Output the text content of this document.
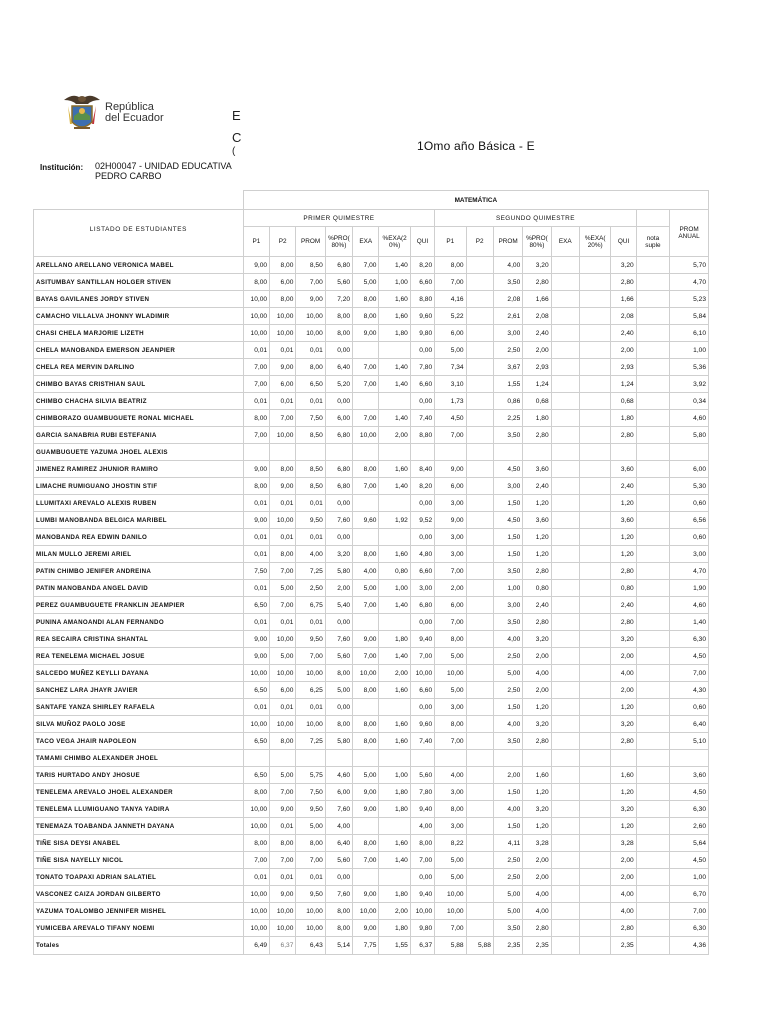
República
del Ecuador	E
C
(	1Omo año Básica - E
Institución: 02H00047 - UNIDAD EDUCATIVA PEDRO CARBO
	MATEMÁTICA															
LISTADO DE ESTUDIANTES	PRIMER QUIMESTRE							SEGUNDO QUIMESTRE								PROM ANUAL
	P1	P2	PROM	%PRO( 80%)	EXA	%EXA(2 0%)	QUI	P1	P2	PROM	%PRO( 80%)	EXA	%EXA( 20%)	QUI	nota suple	
ARELLANO ARELLANO VERONICA MABEL	9,00	8,00	8,50	6,80	7,00	1,40	8,20	8,00		4,00	3,20			3,20		5,70
ASITUMBAY SANTILLAN HOLGER STIVEN	8,00	6,00	7,00	5,60	5,00	1,00	6,60	7,00		3,50	2,80			2,80		4,70
BAYAS GAVILANES JORDY STIVEN	10,00	8,00	9,00	7,20	8,00	1,60	8,80	4,16		2,08	1,66			1,66		5,23
CAMACHO VILLALVA JHONNY WLADIMIR	10,00	10,00	10,00	8,00	8,00	1,60	9,60	5,22		2,61	2,08			2,08		5,84
CHASI CHELA MARJORIE LIZETH	10,00	10,00	10,00	8,00	9,00	1,80	9,80	6,00		3,00	2,40			2,40		6,10
CHELA MANOBANDA EMERSON JEANPIER	0,01	0,01	0,01	0,00			0,00	5,00		2,50	2,00			2,00		1,00
CHELA REA MERVIN DARLINO	7,00	9,00	8,00	6,40	7,00	1,40	7,80	7,34		3,67	2,93			2,93		5,36
CHIMBO BAYAS CRISTHIAN SAUL	7,00	6,00	6,50	5,20	7,00	1,40	6,60	3,10		1,55	1,24			1,24		3,92
CHIMBO CHACHA SILVIA BEATRIZ	0,01	0,01	0,01	0,00			0,00	1,73		0,86	0,68			0,68		0,34
CHIMBORAZO GUAMBUGUETE RONAL MICHAEL	8,00	7,00	7,50	6,00	7,00	1,40	7,40	4,50		2,25	1,80			1,80		4,60
GARCIA SANABRIA RUBI ESTEFANIA	7,00	10,00	8,50	6,80	10,00	2,00	8,80	7,00		3,50	2,80			2,80		5,80
GUAMBUGUETE YAZUMA JHOEL ALEXIS																
JIMENEZ RAMIREZ JHUNIOR RAMIRO	9,00	8,00	8,50	6,80	8,00	1,60	8,40	9,00		4,50	3,60			3,60		6,00
LIMACHE RUMIGUANO JHOSTIN STIF	8,00	9,00	8,50	6,80	7,00	1,40	8,20	6,00		3,00	2,40			2,40		5,30
LLUMITAXI AREVALO ALEXIS RUBEN	0,01	0,01	0,01	0,00			0,00	3,00		1,50	1,20			1,20		0,60
LUMBI MANOBANDA BELGICA MARIBEL	9,00	10,00	9,50	7,60	9,60	1,92	9,52	9,00		4,50	3,60			3,60		6,56
MANOBANDA REA EDWIN DANILO	0,01	0,01	0,01	0,00			0,00	3,00		1,50	1,20			1,20		0,60
MILAN MULLO JEREMI ARIEL	0,01	8,00	4,00	3,20	8,00	1,60	4,80	3,00		1,50	1,20			1,20		3,00
PATIN CHIMBO JENIFER ANDREINA	7,50	7,00	7,25	5,80	4,00	0,80	6,60	7,00		3,50	2,80			2,80		4,70
PATIN MANOBANDA ANGEL DAVID	0,01	5,00	2,50	2,00	5,00	1,00	3,00	2,00		1,00	0,80			0,80		1,90
PEREZ GUAMBUGUETE FRANKLIN JEAMPIER	6,50	7,00	6,75	5,40	7,00	1,40	6,80	6,00		3,00	2,40			2,40		4,60
PUNINA AMANOANDI ALAN FERNANDO	0,01	0,01	0,01	0,00			0,00	7,00		3,50	2,80			2,80		1,40
REA SECAIRA CRISTINA SHANTAL	9,00	10,00	9,50	7,60	9,00	1,80	9,40	8,00		4,00	3,20			3,20		6,30
REA TENELEMA MICHAEL JOSUE	9,00	5,00	7,00	5,60	7,00	1,40	7,00	5,00		2,50	2,00			2,00		4,50
SALCEDO MUÑEZ KEYLLI DAYANA	10,00	10,00	10,00	8,00	10,00	2,00	10,00	10,00		5,00	4,00			4,00		7,00
SANCHEZ LARA JHAYR JAVIER	6,50	6,00	6,25	5,00	8,00	1,60	6,60	5,00		2,50	2,00			2,00		4,30
SANTAFE YANZA SHIRLEY RAFAELA	0,01	0,01	0,01	0,00			0,00	3,00		1,50	1,20			1,20		0,60
SILVA MUÑOZ PAOLO JOSE	10,00	10,00	10,00	8,00	8,00	1,60	9,60	8,00		4,00	3,20			3,20		6,40
TACO VEGA JHAIR NAPOLEON	6,50	8,00	7,25	5,80	8,00	1,60	7,40	7,00		3,50	2,80			2,80		5,10
TAMAMI CHIMBO ALEXANDER JHOEL																
TARIS HURTADO ANDY JHOSUE	6,50	5,00	5,75	4,60	5,00	1,00	5,60	4,00		2,00	1,60			1,60		3,60
TENELEMA AREVALO JHOEL ALEXANDER	8,00	7,00	7,50	6,00	9,00	1,80	7,80	3,00		1,50	1,20			1,20		4,50
TENELEMA LLUMIGUANO TANYA YADIRA	10,00	9,00	9,50	7,60	9,00	1,80	9,40	8,00		4,00	3,20			3,20		6,30
TENEMAZA TOABANDA JANNETH DAYANA	10,00	0,01	5,00	4,00			4,00	3,00		1,50	1,20			1,20		2,60
TIÑE SISA DEYSI ANABEL	8,00	8,00	8,00	6,40	8,00	1,60	8,00	8,22		4,11	3,28			3,28		5,64
TIÑE SISA NAYELLY NICOL	7,00	7,00	7,00	5,60	7,00	1,40	7,00	5,00		2,50	2,00			2,00		4,50
TONATO TOAPAXI ADRIAN SALATIEL	0,01	0,01	0,01	0,00			0,00	5,00		2,50	2,00			2,00		1,00
VASCONEZ CAIZA JORDAN GILBERTO	10,00	9,00	9,50	7,60	9,00	1,80	9,40	10,00		5,00	4,00			4,00		6,70
YAZUMA TOALOMBO JENNIFER MISHEL	10,00	10,00	10,00	8,00	10,00	2,00	10,00	10,00		5,00	4,00			4,00		7,00
YUMICEBA AREVALO TIFANY NOEMI	10,00	10,00	10,00	8,00	9,00	1,80	9,80	7,00		3,50	2,80			2,80		6,30
Totales	6,49	6,37	6,43	5,14	7,75	1,55	6,37	5,88	5,88	2,35	2,35			2,35		4,36
